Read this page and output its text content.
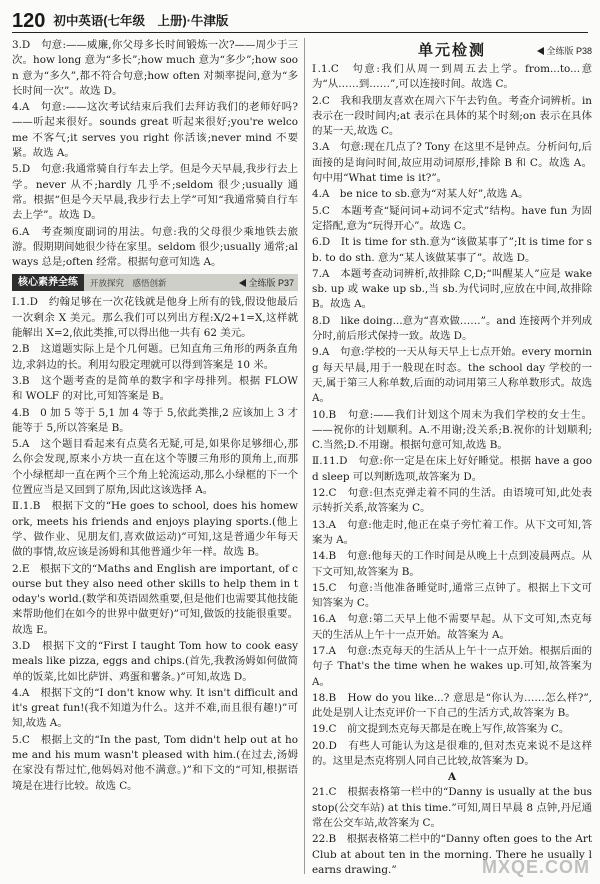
120 初中英语(七年级　上册)·牛津版

3.D　句意:——威廉,你父母多长时间锻炼一次?——周少于三次。how long 意为“多长”;how much 意为“多少”;how soon 意为“多久”,都不符合句意;how often 对频率提问,意为“多长时间一次”。故选 D。

4.A　句意:——这次考试结束后我们去拜访我们的老师好吗?——听起来很好。sounds great 听起来很好;you're welcome 不客气;it serves you right 你活该;never mind 不要紧。故选 A。

5.D　句意:我通常骑自行车去上学。但是今天早晨,我步行去上学。never 从不;hardly 几乎不;seldom 很少;usually 通常。根据“但是今天早晨,我步行去上学”可知“我通常骑自行车去上学”。故选 D。

6.A　考查频度副词的用法。句意:我的父母很少乘地铁去旅游。假期期间她很少待在家里。seldom 很少;usually 通常;always 总是;often 经常。根据句意可知选 A。

核心素养全练	开放探究　感悟创新	全练版 P37

Ⅰ.1.D　约翰足够在一次花钱就是他身上所有的钱,假设他最后一次剩余 X 美元。那么我们可以列出方程:X/2+1=X,这样就能解出 X=2,依此类推,可以得出他一共有 62 美元。

2.B　这道题实际上是个几何题。已知直角三角形的两条直角边,求斜边的长。利用勾股定理就可以得到答案是 10 米。

3.B　这个题考查的是简单的数字和字母排列。根据 FLOW 和 WOLF 的对比,可知答案是 B。

4.B　0 加 5 等于 5,1 加 4 等于 5,依此类推,2 应该加上 3 才能等于 5,所以答案是 B。

5.A　这个题目看起来有点莫名无疑,可是,如果你足够细心,那么你会发现,原来小方块一直在这个等腰三角形的顶角上,而那个小绿框却一直在两个三个角上轮流运动,那么小绿框的下一个位置应当是又回到了原角,因此这该选择 A。

Ⅱ.1.B　根据下文的“He goes to school, does his homework, meets his friends and enjoys playing sports.(他上学、做作业、见朋友们,喜欢做运动)”可知,这是普通少年每天做的事情,故应该是汤姆和其他普通少年一样。故选 B。

2.E　根据下文的“Maths and English are important, of course but they also need other skills to help them in today's world.(数学和英语固然重要,但是他们也需要其他技能来帮助他们在如今的世界中做更好)”可知,做饭的技能很重要。故选 E。

3.D　根据下文的“First I taught Tom how to cook easy meals like pizza, eggs and chips.(首先,我教汤姆如何做简单的饭菜,比如比萨饼、鸡蛋和薯条。)”可知,故选 D。

4.A　根据下文的“I don't know why. It isn't difficult and it's great fun!(我不知道为什么。这并不难,而且很有趣!)”可知,故选 A。

5.C　根据上文的“In the past, Tom didn't help out at home and his mum wasn't pleased with him.(在过去,汤姆在家没有帮过忙,他妈妈对他不满意。)”和下文的“可知,根据语境是在进行比较。故选 C。

单元检测	全练版 P38

Ⅰ.1.C　句意:我们从周一到周五去上学。from...to...意为“从……到……”,可以连接时间。故选 C。

2.C　我和我朋友喜欢在周六下午去钓鱼。考查介词辨析。in 表示在一段时间内;at 表示在具体的某个时刻;on 表示在具体的某一天,故选 C。

3.A　句意:现在几点了? Tony 在这里不是钟点。分析问句,后面接的是询问时间,故应用动词原形,排除 B 和 C。故选 A。句中用“What time is it?”。

4.A　be nice to sb.意为“对某人好”,故选 A。

5.C　本题考查“疑问词+动词不定式”结构。have fun 为固定搭配,意为“玩得开心”。故选 C。

6.D　It is time for sth.意为“该做某事了”;It is time for sb. to do sth. 意为“某人该做某事了”。故选 D。

7.A　本题考查动词辨析,故排除 C,D;“叫醒某人”应是 wake sb. up 或 wake up sb.,当 sb.为代词时,应放在中间,故排除 B。故选 A。

8.D　like doing...意为“喜欢做……”。and 连接两个并列成分时,前后形式保持一致。故选 D。

9.A　句意:学校的一天从每天早上七点开始。every morning 每天早晨,用于一般现在时态。the school day 学校的一天,属于第三人称单数,后面的动词用第三人称单数形式。故选 A。

10.B　句意:——我们计划这个周末为我们学校的女士生。——祝你的计划顺利。A.不用谢;没关系;B.祝你的计划顺利;C.当然;D.不用谢。根据句意可知,故选 B。

Ⅱ.11.D　句意:你一定是在床上好好睡觉。根据 have a good sleep 可以判断选项,故答案为 D。

12.C　句意:但杰克弹走着不同的生活。由语境可知,此处表示转折关系,故答案为 C。

13.A　句意:他走时,他正在桌子旁忙着工作。从下文可知,答案为 A。

14.B　句意:他每天的工作时间是从晚上十点到凌晨两点。从下文可知,故答案为 B。

15.C　句意:当他准备睡觉时,通常三点钟了。根据上下文可知答案为 C。

16.A　句意:第二天早上他不需要早起。从下文可知,杰克每天的生活从上午十一点开始。故答案为 A。

17.A　句意:杰克每天的生活从上午十一点开始。根据后面的句子 That's the time when he wakes up.可知,故答案为 A。

18.B　How do you like...? 意思是“你认为……怎么样?”,此处是别人让杰克评价一下自己的生活方式,故答案为 B。

19.C　前文提到杰克每天都是在晚上写作,故答案为 C。

20.D　有些人可能认为这是很难的,但对杰克来说不是这样的。这里是杰克将别人同自己比较,故答案为 D。

A

21.C　根据表格第一栏中的“Danny is usually at the bus stop(公交车站) at this time.”可知,周日早晨 8 点钟,丹尼通常在公交车站,故答案为 C。

22.B　根据表格第二栏中的“Danny often goes to the Art Club at about ten in the morning. There he usually learns drawing.”	MXQE.COM
